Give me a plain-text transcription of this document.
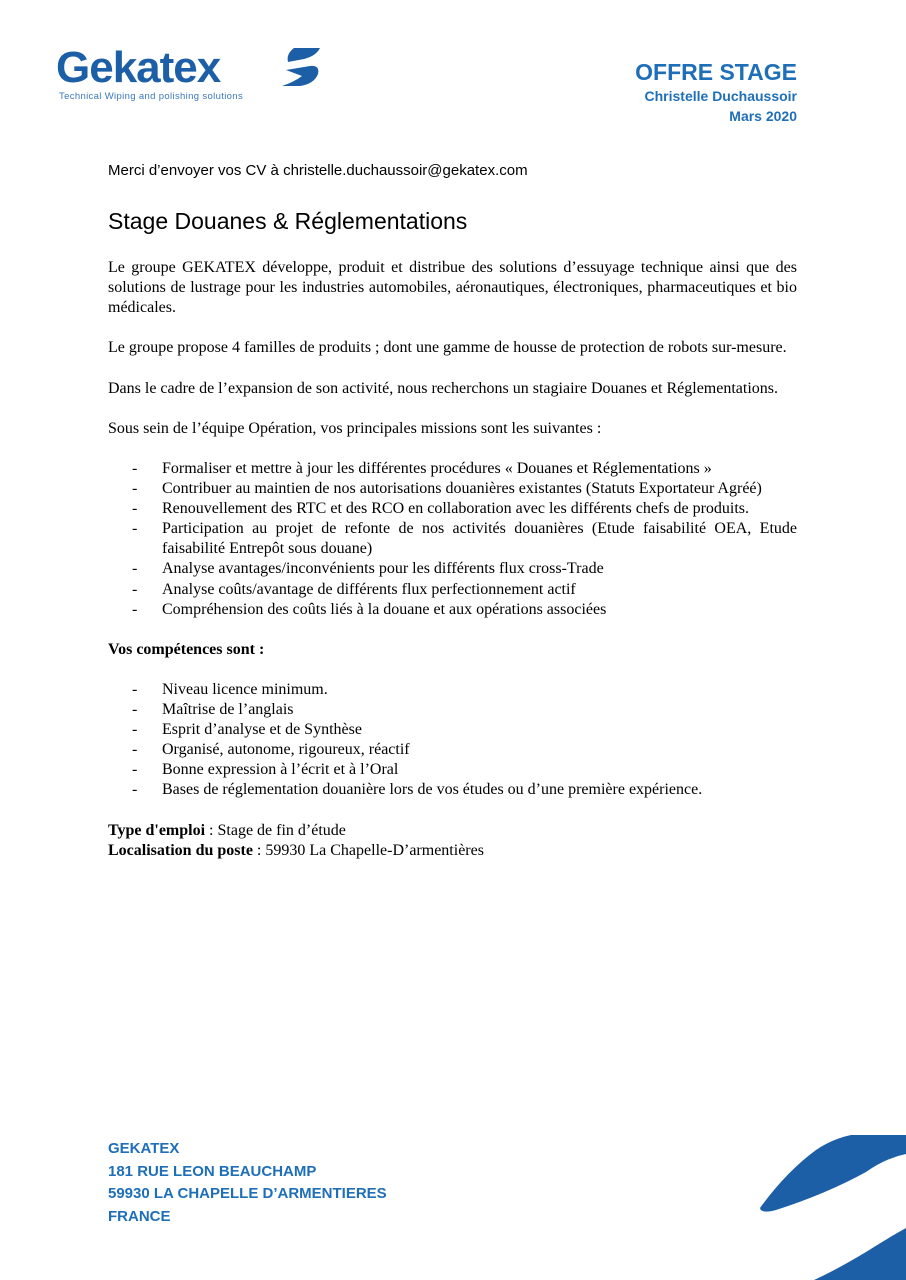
Gekatex
Technical Wiping and polishing solutions
OFFRE STAGE
Christelle Duchaussoir
Mars 2020
Merci d’envoyer vos CV à christelle.duchaussoir@gekatex.com
Stage Douanes & Réglementations

Le groupe GEKATEX développe, produit et distribue des solutions d’essuyage technique ainsi que des solutions de lustrage pour les industries automobiles, aéronautiques, électroniques, pharmaceutiques et bio médicales.

Le groupe propose 4 familles de produits ; dont une gamme de housse de protection de robots sur-mesure.

Dans le cadre de l’expansion de son activité, nous recherchons un stagiaire Douanes et Réglementations.

Sous sein de l’équipe Opération, vos principales missions sont les suivantes :

- Formaliser et mettre à jour les différentes procédures « Douanes et Réglementations »
- Contribuer au maintien de nos autorisations douanières existantes (Statuts Exportateur Agréé)
- Renouvellement des RTC et des RCO en collaboration avec les différents chefs de produits.
- Participation au projet de refonte de nos activités douanières (Etude faisabilité OEA, Etude faisabilité Entrepôt sous douane)
- Analyse avantages/inconvénients pour les différents flux cross-Trade
- Analyse coûts/avantage de différents flux perfectionnement actif
- Compréhension des coûts liés à la douane et aux opérations associées

Vos compétences sont :

- Niveau licence minimum.
- Maîtrise de l’anglais
- Esprit d’analyse et de Synthèse
- Organisé, autonome, rigoureux, réactif
- Bonne expression à l’écrit et à l’Oral
- Bases de réglementation douanière lors de vos études ou d’une première expérience.
Type d'emploi : Stage de fin d’étude
Localisation du poste : 59930 La Chapelle-D’armentières
GEKATEX
181 RUE LEON BEAUCHAMP
59930 LA CHAPELLE D’ARMENTIERES
FRANCE
